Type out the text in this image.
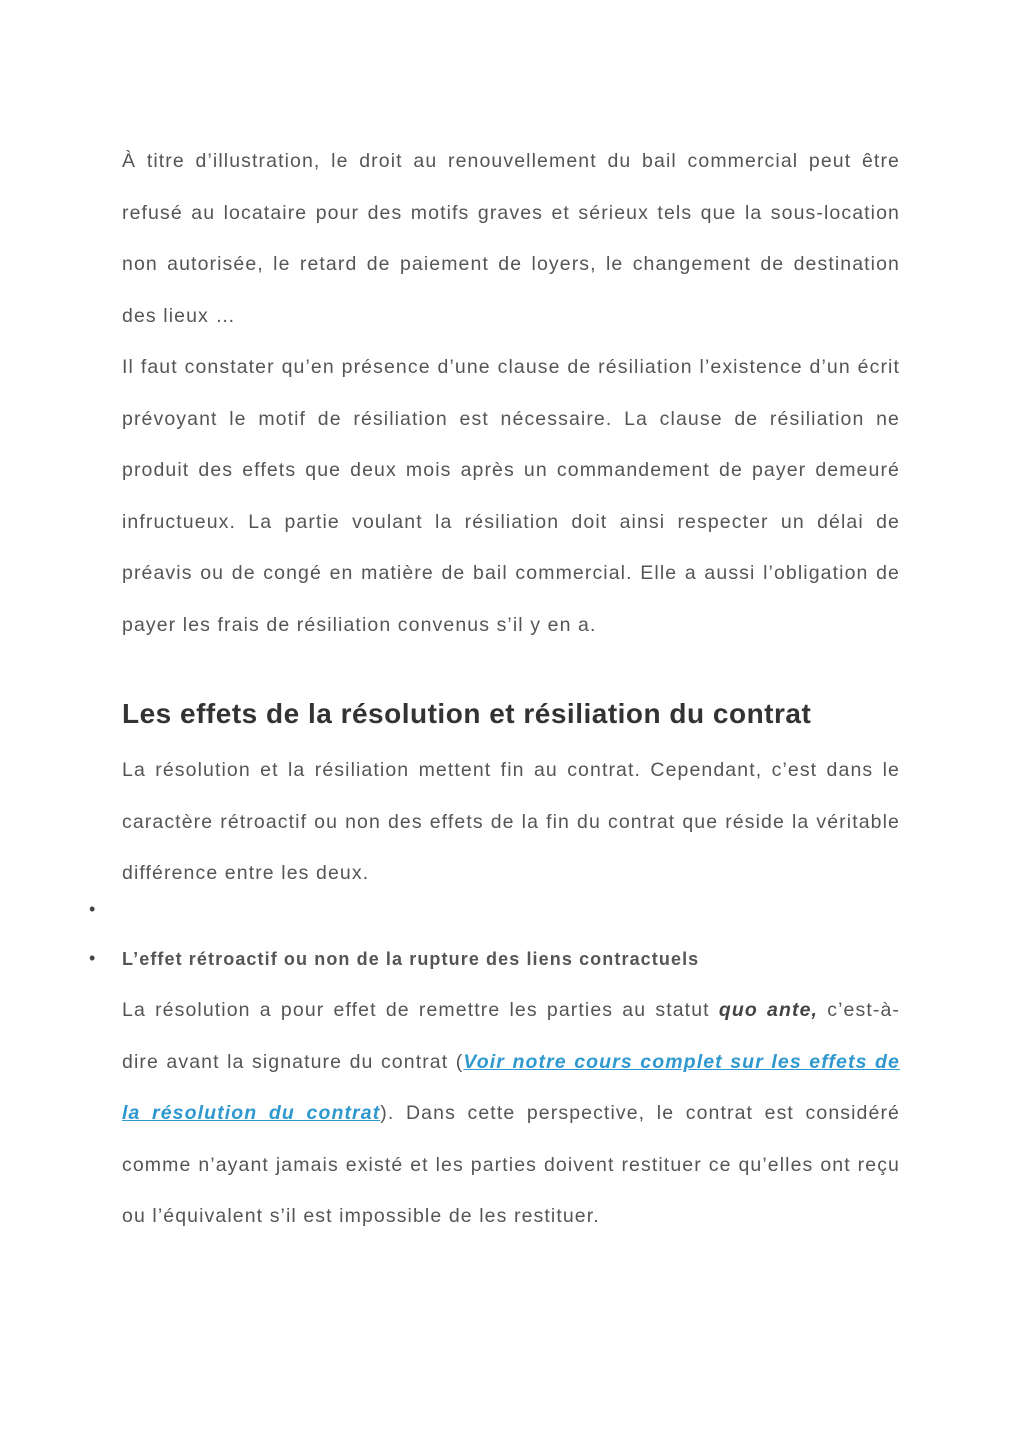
À titre d’illustration, le droit au renouvellement du bail commercial peut être refusé au locataire pour des motifs graves et sérieux tels que la sous-location non autorisée, le retard de paiement de loyers, le changement de destination des lieux …

Il faut constater qu’en présence d’une clause de résiliation l’existence d’un écrit prévoyant le motif de résiliation est nécessaire. La clause de résiliation ne produit des effets que deux mois après un commandement de payer demeuré infructueux. La partie voulant la résiliation doit ainsi respecter un délai de préavis ou de congé en matière de bail commercial. Elle a aussi l’obligation de payer les frais de résiliation convenus s’il y en a.

Les effets de la résolution et résiliation du contrat

La résolution et la résiliation mettent fin au contrat. Cependant, c’est dans le caractère rétroactif ou non des effets de la fin du contrat que réside la véritable différence entre les deux.

•
• L’effet rétroactif ou non de la rupture des liens contractuels

La résolution a pour effet de remettre les parties au statut quo ante, c’est-à-dire avant la signature du contrat (Voir notre cours complet sur les effets de la résolution du contrat). Dans cette perspective, le contrat est considéré comme n’ayant jamais existé et les parties doivent restituer ce qu’elles ont reçu ou l’équivalent s’il est impossible de les restituer.
